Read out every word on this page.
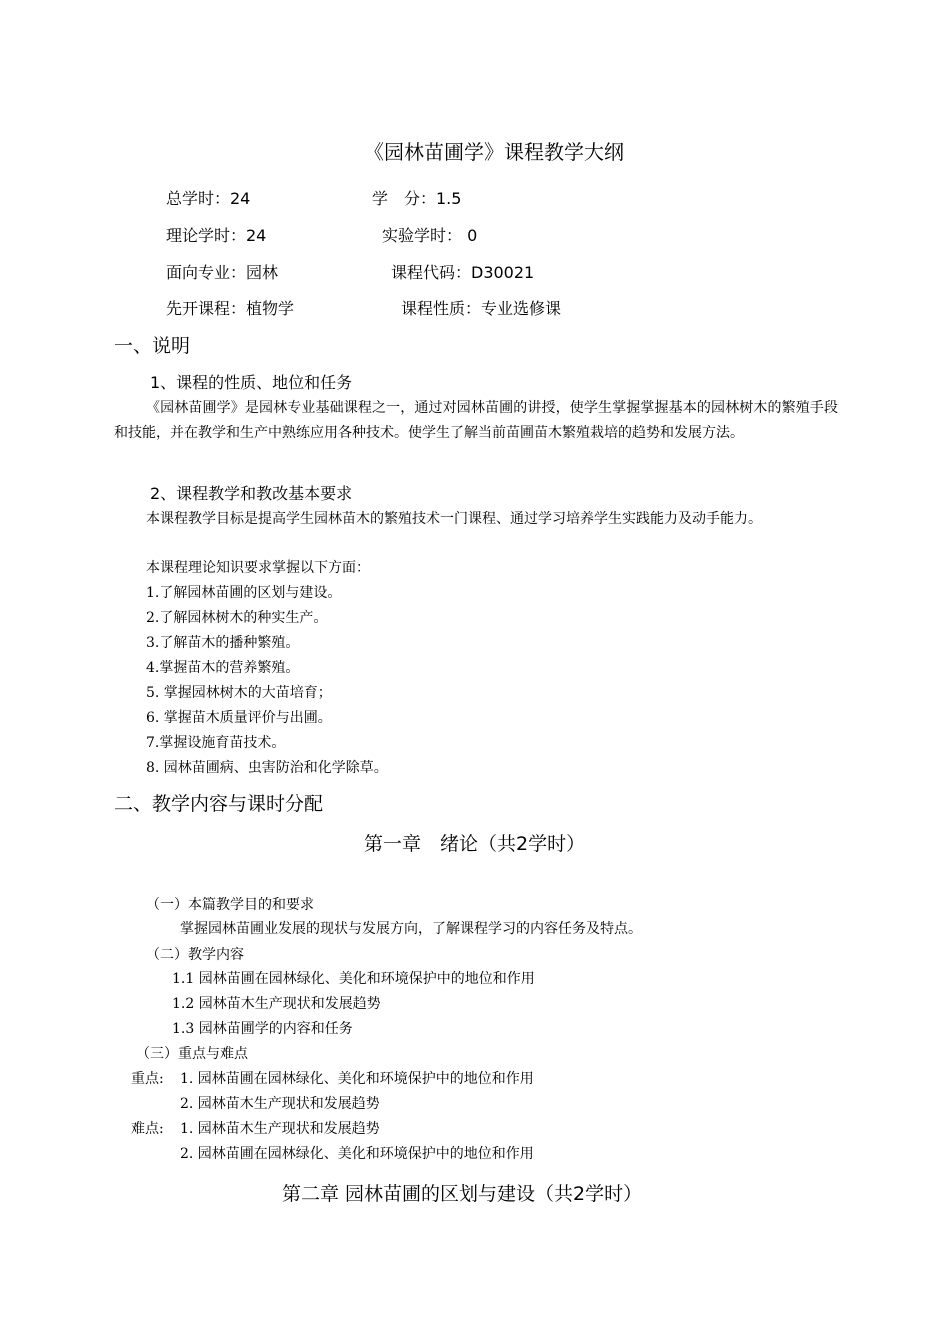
《园林苗圃学》课程教学大纲
总学时：24	学　分：1.5
理论学时：24	实验学时： 0
面向专业：园林	课程代码：D30021
先开课程：植物学	课程性质：专业选修课
一、说明
1、课程的性质、地位和任务
《园林苗圃学》是园林专业基础课程之一，通过对园林苗圃的讲授，使学生掌握掌握基本的园林树木的繁殖手段和技能，并在教学和生产中熟练应用各种技术。使学生了解当前苗圃苗木繁殖栽培的趋势和发展方法。
2、课程教学和教改基本要求
本课程教学目标是提高学生园林苗木的繁殖技术一门课程、通过学习培养学生实践能力及动手能力。
本课程理论知识要求掌握以下方面：
1.了解园林苗圃的区划与建设。
2.了解园林树木的种实生产。
3.了解苗木的播种繁殖。
4.掌握苗木的营养繁殖。
5. 掌握园林树木的大苗培育；
6. 掌握苗木质量评价与出圃。
7.掌握设施育苗技术。
8. 园林苗圃病、虫害防治和化学除草。
二、教学内容与课时分配
第一章　绪论（共2学时）
（一）本篇教学目的和要求
掌握园林苗圃业发展的现状与发展方向，了解课程学习的内容任务及特点。
（二）教学内容
1.1 园林苗圃在园林绿化、美化和环境保护中的地位和作用
1.2 园林苗木生产现状和发展趋势
1.3 园林苗圃学的内容和任务
（三）重点与难点
重点: 1. 园林苗圃在园林绿化、美化和环境保护中的地位和作用
2. 园林苗木生产现状和发展趋势
难点: 1. 园林苗木生产现状和发展趋势
2. 园林苗圃在园林绿化、美化和环境保护中的地位和作用
第二章 园林苗圃的区划与建设（共2学时）
